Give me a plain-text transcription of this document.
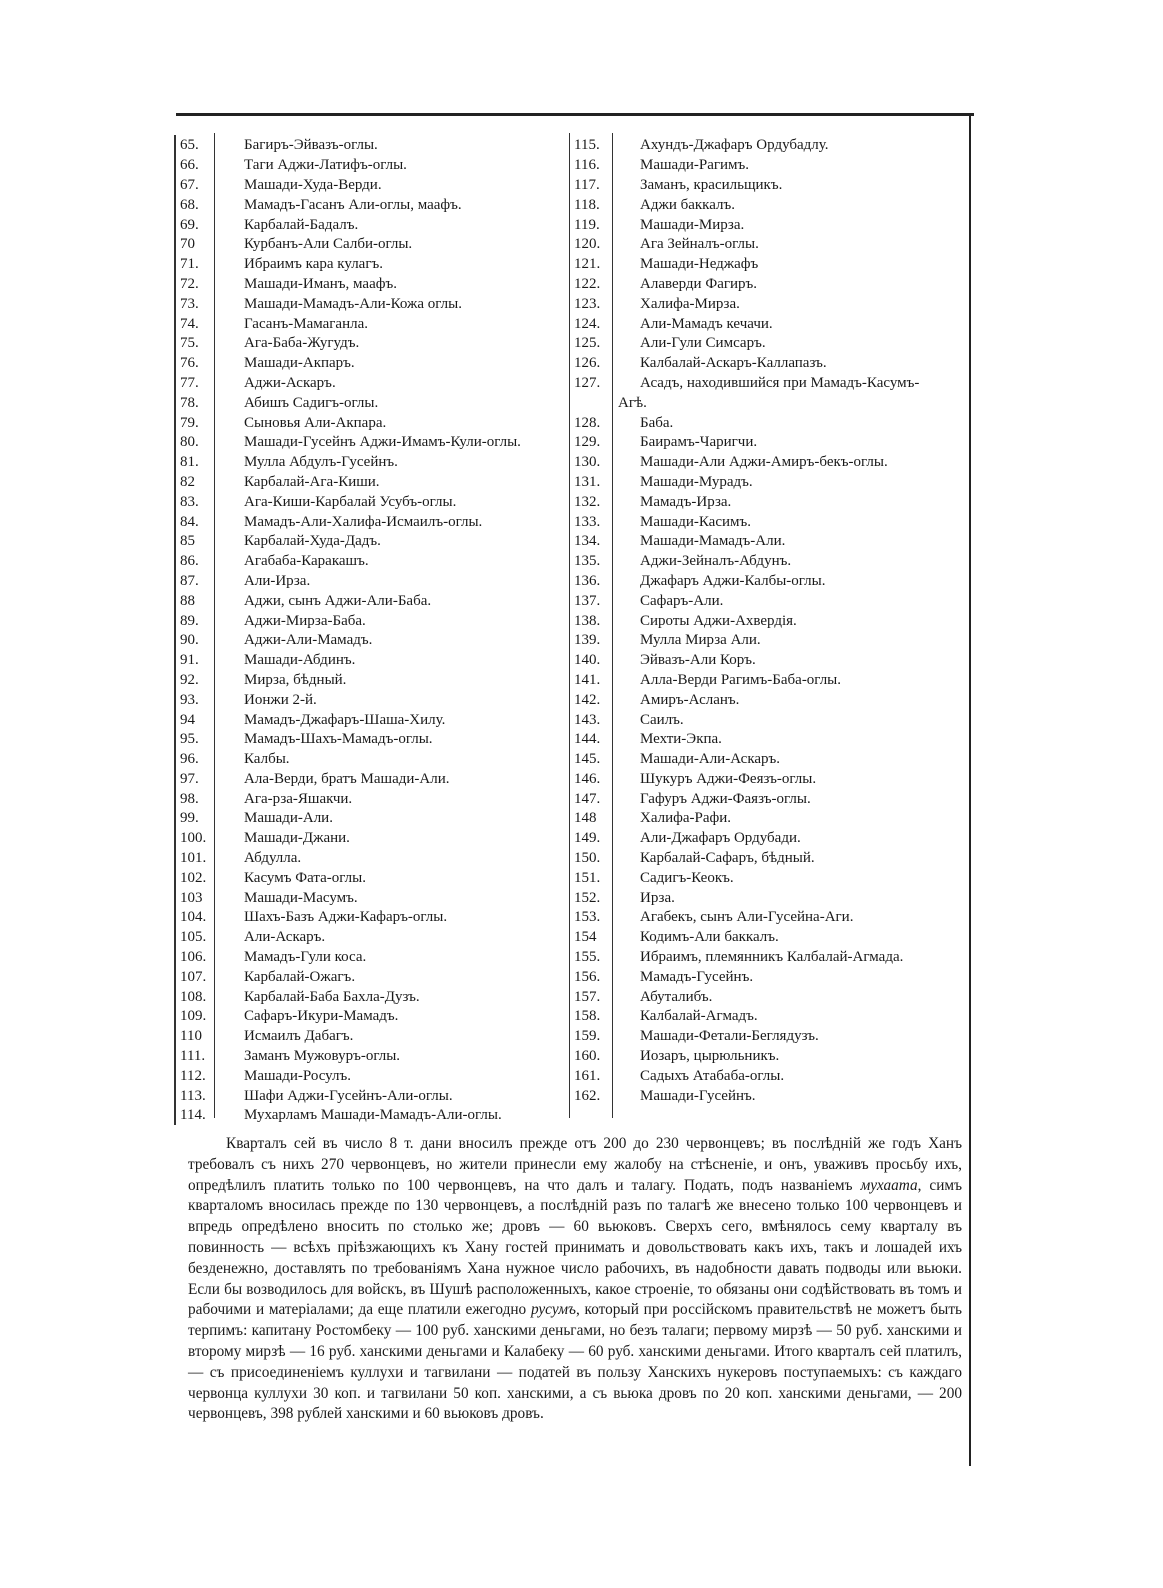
65.	Багиръ-Эйвазъ-оглы.
66.	Таги Аджи-Латифъ-оглы.
67.	Машади-Худа-Верди.
68.	Мамадъ-Гасанъ Али-оглы, маафъ.
69.	Карбалай-Бадалъ.
70	Курбанъ-Али Салби-оглы.
71.	Ибраимъ кара кулагъ.
72.	Машади-Иманъ, маафъ.
73.	Машади-Мамадъ-Али-Кожа оглы.
74.	Гасанъ-Мамаганла.
75.	Ага-Баба-Жугудъ.
76.	Машади-Акпаръ.
77.	Аджи-Аскаръ.
78.	Абишъ Садигъ-оглы.
79.	Сыновья Али-Акпара.
80.	Машади-Гусейнъ Аджи-Имамъ-Кули-оглы.
81.	Мулла Абдулъ-Гусейнъ.
82	Карбалай-Ага-Киши.
83.	Ага-Киши-Карбалай Усубъ-оглы.
84.	Мамадъ-Али-Халифа-Исмаилъ-оглы.
85	Карбалай-Худа-Дадъ.
86.	Агабаба-Каракашъ.
87.	Али-Ирза.
88	Аджи, сынъ Аджи-Али-Баба.
89.	Аджи-Мирза-Баба.
90.	Аджи-Али-Мамадъ.
91.	Машади-Абдинъ.
92.	Мирза, бѣдный.
93.	Ионжи 2-й.
94	Мамадъ-Джафаръ-Шаша-Хилу.
95.	Мамадъ-Шахъ-Мамадъ-оглы.
96.	Калбы.
97.	Ала-Верди, братъ Машади-Али.
98.	Ага-рза-Яшакчи.
99.	Машади-Али.
100.	Машади-Джани.
101.	Абдулла.
102.	Касумъ Фата-оглы.
103	Машади-Масумъ.
104.	Шахъ-Базъ Аджи-Кафаръ-оглы.
105.	Али-Аскаръ.
106.	Мамадъ-Гули коса.
107.	Карбалай-Ожагъ.
108.	Карбалай-Баба Бахла-Дузъ.
109.	Сафаръ-Икури-Мамадъ.
110	Исмаилъ Дабагъ.
111.	Заманъ Мужовуръ-оглы.
112.	Машади-Росулъ.
113.	Шафи Аджи-Гусейнъ-Али-оглы.
114.	Мухарламъ Машади-Мамадъ-Али-оглы.
115.	Ахундъ-Джафаръ Ордубадлу.
116.	Машади-Рагимъ.
117.	Заманъ, красильщикъ.
118.	Аджи баккалъ.
119.	Машади-Мирза.
120.	Ага Зейналъ-оглы.
121.	Машади-Неджафъ
122.	Алаверди Фагиръ.
123.	Халифа-Мирза.
124.	Али-Мамадъ кечачи.
125.	Али-Гули Симсаръ.
126.	Калбалай-Аскаръ-Каллапазъ.
127.	Асадъ, находившийся при Мамадъ-Касумъ-
Агѣ.
128.	Баба.
129.	Баирамъ-Чаригчи.
130.	Машади-Али Аджи-Амиръ-бекъ-оглы.
131.	Машади-Мурадъ.
132.	Мамадъ-Ирза.
133.	Машади-Касимъ.
134.	Машади-Мамадъ-Али.
135.	Аджи-Зейналъ-Абдунъ.
136.	Джафаръ Аджи-Калбы-оглы.
137.	Сафаръ-Али.
138.	Сироты Аджи-Ахвердія.
139.	Мулла Мирза Али.
140.	Эйвазъ-Али Коръ.
141.	Алла-Верди Рагимъ-Баба-оглы.
142.	Амиръ-Асланъ.
143.	Саилъ.
144.	Мехти-Экпа.
145.	Машади-Али-Аскаръ.
146.	Шукуръ Аджи-Феязъ-оглы.
147.	Гафуръ Аджи-Фаязъ-оглы.
148	Халифа-Рафи.
149.	Али-Джафаръ Ордубади.
150.	Карбалай-Сафаръ, бѣдный.
151.	Садигъ-Кеокъ.
152.	Ирза.
153.	Агабекъ, сынъ Али-Гусейна-Аги.
154	Кодимъ-Али баккалъ.
155.	Ибраимъ, племянникъ Калбалай-Агмада.
156.	Мамадъ-Гусейнъ.
157.	Абуталибъ.
158.	Калбалай-Агмадъ.
159.	Машади-Фетали-Беглядузъ.
160.	Иозаръ, цырюльникъ.
161.	Садыхъ Атабаба-оглы.
162.	Машади-Гусейнъ.

Кварталъ сей въ число 8 т. дани вносилъ прежде отъ 200 до 230 червонцевъ; въ послѣдній же годъ Ханъ требовалъ съ нихъ 270 червонцевъ, но жители принесли ему жалобу на стѣсненіе, и онъ, уваживъ просьбу ихъ, опредѣлилъ платить только по 100 червонцевъ, на что далъ и талагу. Подать, подъ названіемъ мухаата, симъ кварталомъ вносилась прежде по 130 червонцевъ, а послѣдній разъ по талагѣ же внесено только 100 червонцевъ и впредь опредѣлено вносить по столько же; дровъ — 60 вьюковъ. Сверхъ сего, вмѣнялось сему кварталу въ повинность — всѣхъ пріѣзжающихъ къ Хану гостей принимать и довольствовать какъ ихъ, такъ и лошадей ихъ безденежно, доставлять по требованіямъ Хана нужное число рабочихъ, въ надобности давать подводы или вьюки. Если бы возводилось для войскъ, въ Шушѣ расположенныхъ, какое строеніе, то обязаны они содѣйствовать въ томъ и рабочими и матеріалами; да еще платили ежегодно русумъ, который при россійскомъ правительствѣ не можетъ быть терпимъ: капитану Ростомбеку — 100 руб. ханскими деньгами, но безъ талаги; первому мирзѣ — 50 руб. ханскими и второму мирзѣ — 16 руб. ханскими деньгами и Калабеку — 60 руб. ханскими деньгами. Итого кварталъ сей платилъ, — съ присоединеніемъ куллухи и тагвилани — податей въ пользу Ханскихъ нукеровъ поступаемыхъ: съ каждаго червонца куллухи 30 коп. и тагвилани 50 коп. ханскими, а съ вьюка дровъ по 20 коп. ханскими деньгами, — 200 червонцевъ, 398 рублей ханскими и 60 вьюковъ дровъ.
